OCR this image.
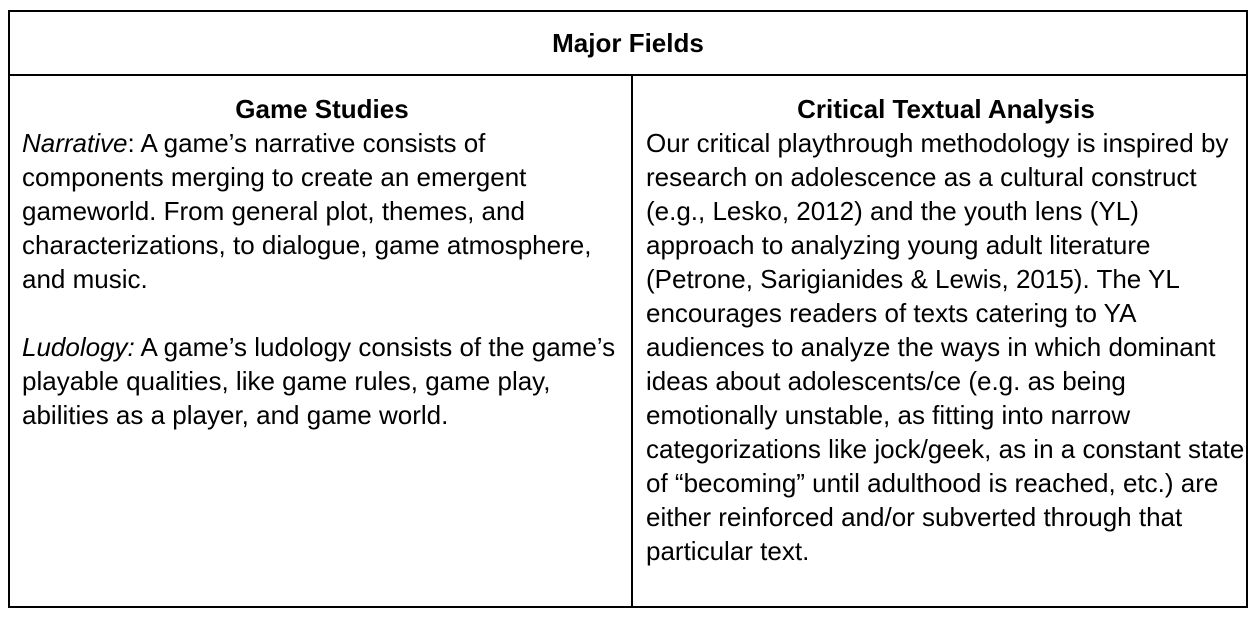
Major Fields
Game Studies

Narrative: A game’s narrative consists of components merging to create an emergent gameworld. From general plot, themes, and characterizations, to dialogue, game atmosphere, and music.

Ludology: A game’s ludology consists of the game’s playable qualities, like game rules, game play, abilities as a player, and game world.

Critical Textual Analysis

Our critical playthrough methodology is inspired by research on adolescence as a cultural construct (e.g., Lesko, 2012) and the youth lens (YL) approach to analyzing young adult literature (Petrone, Sarigianides & Lewis, 2015). The YL encourages readers of texts catering to YA audiences to analyze the ways in which dominant ideas about adolescents/ce (e.g. as being emotionally unstable, as fitting into narrow categorizations like jock/geek, as in a constant state of “becoming” until adulthood is reached, etc.) are either reinforced and/or subverted through that particular text.
